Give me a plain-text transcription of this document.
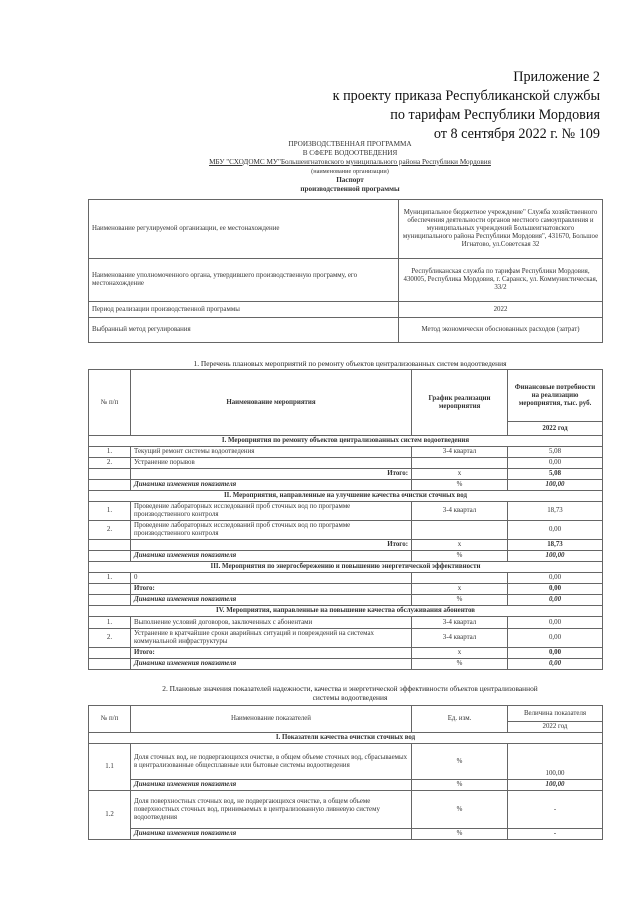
Приложение 2
к проекту приказа Республиканской службы
по тарифам Республики Мордовия
от 8 сентября 2022 г. № 109
ПРОИЗВОДСТВЕННАЯ ПРОГРАММА
В СФЕРЕ ВОДООТВЕДЕНИЯ
МБУ "СХОДОМС МУ"Большеигнатовского муниципального района Республики Мордовия
(наименование организации)
Паспорт
производственной программы
Наименование регулируемой организации, ее местонахождение	Муниципальное бюджетное учреждение" Служба хозяйственного обеспечения деятельности органов местного самоуправления и муниципальных учреждений Большеигнатовского муниципального района Республики Мордовия", 431670, Большое Игнатово, ул.Советская 32
Наименование уполномоченного органа, утвердившего производственную программу, его местонахождение	Республиканская служба по тарифам Республики Мордовия, 430005, Республика Мордовия, г. Саранск, ул. Коммунистическая, 33/2
Период реализации производственной программы	2022
Выбранный метод регулирования	Метод экономически обоснованных расходов (затрат)
1. Перечень плановых мероприятий по ремонту объектов централизованных систем водоотведения
№ п/п	Наименование мероприятия	График реализации мероприятия	Финансовые потребности на реализацию мероприятия, тыс. руб.
			2022 год
I. Мероприятия по ремонту объектов централизованных систем водоотведения			
1.	Текущий ремонт системы водоотведения	3-4 квартал	5,08
2.	Устранение порывов		0,00
	Итого:	х	5,08
	Динамика изменения показателя	%	100,00
II. Мероприятия, направленные на улучшение качества очистки сточных вод			
1.	Проведение лабораторных исследований проб сточных вод по программе производственного контроля	3-4 квартал	18,73
2.	Проведение лабораторных исследований проб сточных вод по программе производственного контроля		0,00
	Итого:	х	18,73
	Динамика изменения показателя	%	100,00
III. Мероприятия по энергосбережению и повышению энергетической эффективности			
1.	0		0,00
	Итого:	х	0,00
	Динамика изменения показателя	%	0,00
IV. Мероприятия, направленные на повышение качества обслуживания абонентов			
1.	Выполнение условий договоров, заключенных с абонентами	3-4 квартал	0,00
2.	Устранение в кратчайшие сроки аварийных ситуаций и повреждений на системах коммунальной инфраструктуры	3-4 квартал	0,00
	Итого:	х	0,00
	Динамика изменения показателя	%	0,00
2. Плановые значения показателей надежности, качества и энергетической эффективности объектов централизованной
системы водоотведения
№ п/п	Наименование показателей	Ед. изм.	Величина показателя
			2022 год
I. Показатели качества очистки сточных вод			
1.1	Доля сточных вод, не подвергающихся очистке, в общем объеме сточных вод, сбрасываемых в централизованные общесплавные или бытовые системы водоотведения	%	100,00
	Динамика изменения показателя	%	100,00
1.2	Доля поверхностных сточных вод, не подвергающихся очистке, в общем объеме поверхностных сточных вод, принимаемых в централизованную ливневую систему водоотведения	%	-
	Динамика изменения показателя	%	-
